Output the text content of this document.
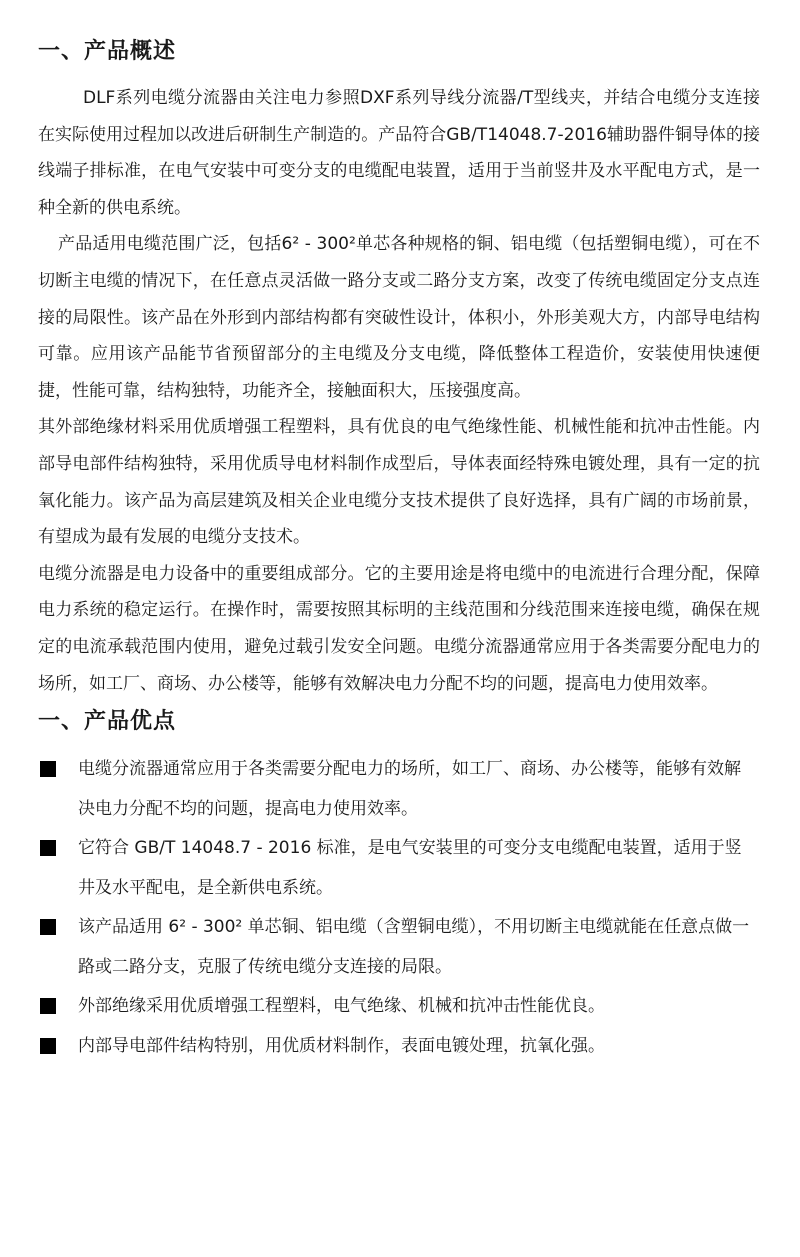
一、产品概述

DLF系列电缆分流器由关注电力参照DXF系列导线分流器/T型线夹，并结合电缆分支连接在实际使用过程加以改进后研制生产制造的。产品符合GB/T14048.7-2016辅助器件铜导体的接线端子排标准，在电气安装中可变分支的电缆配电装置，适用于当前竖井及水平配电方式，是一种全新的供电系统。

产品适用电缆范围广泛，包括6² - 300²单芯各种规格的铜、铝电缆（包括塑铜电缆），可在不切断主电缆的情况下，在任意点灵活做一路分支或二路分支方案，改变了传统电缆固定分支点连接的局限性。该产品在外形到内部结构都有突破性设计，体积小，外形美观大方，内部导电结构可靠。应用该产品能节省预留部分的主电缆及分支电缆，降低整体工程造价，安装使用快速便捷，性能可靠，结构独特，功能齐全，接触面积大，压接强度高。

其外部绝缘材料采用优质增强工程塑料，具有优良的电气绝缘性能、机械性能和抗冲击性能。内部导电部件结构独特，采用优质导电材料制作成型后，导体表面经特殊电镀处理，具有一定的抗氧化能力。该产品为高层建筑及相关企业电缆分支技术提供了良好选择，具有广阔的市场前景，有望成为最有发展的电缆分支技术。

电缆分流器是电力设备中的重要组成部分。它的主要用途是将电缆中的电流进行合理分配，保障电力系统的稳定运行。在操作时，需要按照其标明的主线范围和分线范围来连接电缆，确保在规定的电流承载范围内使用，避免过载引发安全问题。电缆分流器通常应用于各类需要分配电力的场所，如工厂、商场、办公楼等，能够有效解决电力分配不均的问题，提高电力使用效率。

一、产品优点
电缆分流器通常应用于各类需要分配电力的场所，如工厂、商场、办公楼等，能够有效解决电力分配不均的问题，提高电力使用效率。
它符合 GB/T 14048.7 - 2016 标准，是电气安装里的可变分支电缆配电装置，适用于竖井及水平配电，是全新供电系统。
该产品适用 6² - 300² 单芯铜、铝电缆（含塑铜电缆），不用切断主电缆就能在任意点做一路或二路分支，克服了传统电缆分支连接的局限。
外部绝缘采用优质增强工程塑料，电气绝缘、机械和抗冲击性能优良。
内部导电部件结构特别，用优质材料制作，表面电镀处理，抗氧化强。
